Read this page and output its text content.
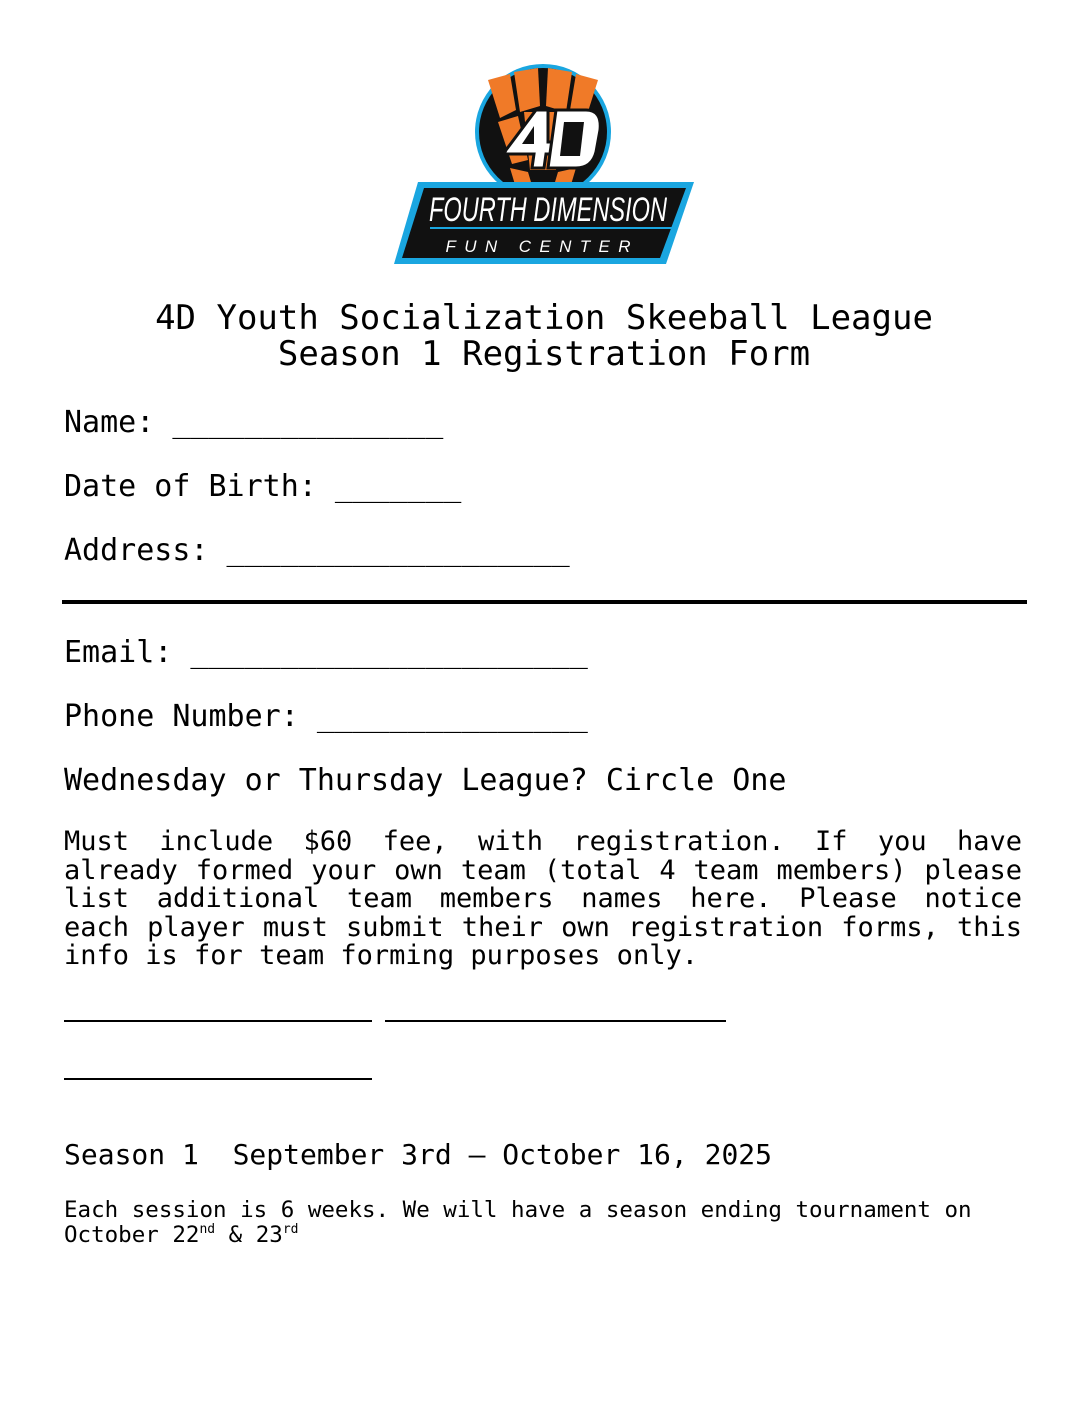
FOURTH DIMENSION
FUN CENTER
4D Youth Socialization Skeeball League
Season 1 Registration Form
Name: _______________
Date of Birth: _______
Address: ___________________
Email: ______________________
Phone Number: _______________
Wednesday or Thursday League? Circle One

Must include $60 fee, with registration. If you have already formed your own team (total 4 team members) please list additional team members names here. Please notice each player must submit their own registration forms, this info is for team forming purposes only.

Season 1  September 3rd – October 16, 2025

Each session is 6 weeks. We will have a season ending tournament on October 22nd & 23rd
